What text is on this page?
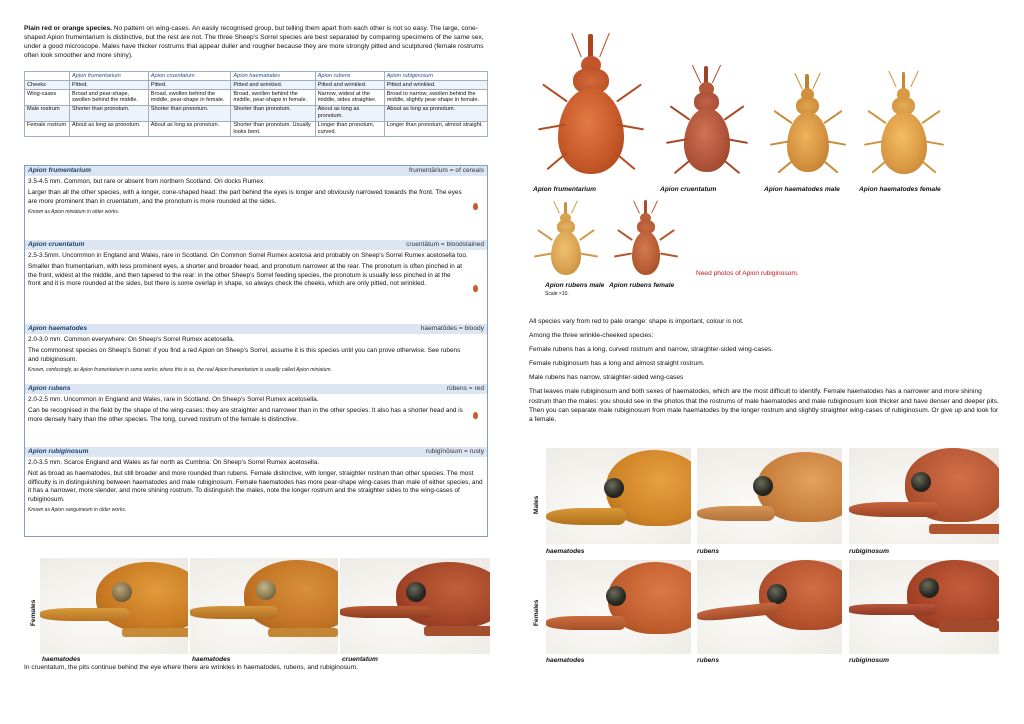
Plain red or orange species. No pattern on wing-cases. An easily recognised group, but telling them apart from each other is not so easy. The large, cone-shaped Apion frumentarium is distinctive, but the rest are not. The three Sheep's Sorrel species are best separated by comparing specimens of the same sex, under a good microscope. Males have thicker rostrums that appear duller and rougher because they are more strongly pitted and sculptured (female rostrums often look smoother and more shiny).
	Apion frumentarium	Apion cruentatum	Apion haematodes	Apion rubens	Apion rubiginosum
Cheeks	Pitted.	Pitted.	Pitted and wrinkled.	Pitted and wrinkled.	Pitted and wrinkled.
Wing-cases	Broad and pear-shape, swollen behind the middle.	Broad, swollen behind the middle, pear-shape in female.	Broad, swollen behind the middle, pear-shape in female.	Narrow, widest at the middle, sides straighter.	Broad to narrow, swollen behind the middle, slightly pear-shape in female.
Male rostrum	Shorter than pronotum.	Shorter than pronotum.	Shorter than pronotum.	About as long as pronotum.	About as long as pronotum.
Female rostrum	About as long as pronotum.	About as long as pronotum.	Shorter than pronotum. Usually looks bent.	Longer than pronotum, curved.	Longer than pronotum, almost straight.
Apion frumentarium	frumentārium = of cereals

3.5-4.5 mm. Common, but rare or absent from northern Scotland. On docks Rumex.

Larger than all the other species, with a longer, cone-shaped head: the part behind the eyes is longer and obviously narrowed towards the front. The eyes are more prominent than in cruentatum, and the pronotum is more rounded at the sides.

Known as Apion miniatum in older works.

Apion cruentatum	cruentātum = bloodstained

2.5-3.5mm. Uncommon in England and Wales, rare in Scotland. On Common Sorrel Rumex acetosa and probably on Sheep's Sorrel Rumex acetosella too.

Smaller than frumentarium, with less prominent eyes, a shorter and broader head, and pronotum narrower at the rear. The pronotum is often pinched in at the front, widest at the middle, and then tapered to the rear: in the other Sheep's Sorrel feeding species, the pronotum is usually less pinched in at the front and it is more rounded at the sides, but there is some overlap in shape, so always check the cheeks, which are only pitted, not wrinkled.

Apion haematodes	haematōdes = bloody

2.0-3.0 mm. Common everywhere. On Sheep's Sorrel Rumex acetosella.

The commonest species on Sheep's Sorrel: if you find a red Apion on Sheep's Sorrel, assume it is this species until you can prove otherwise. See rubens and rubiginosum.

Known, confusingly, as Apion frumentarium in some works; where this is so, the real Apion frumentarium is usually called Apion miniatum.

Apion rubens	rūbens = red

2.0-2.5 mm. Uncommon in England and Wales, rare in Scotland. On Sheep's Sorrel Rumex acetosella.

Can be recognised in the field by the shape of the wing-cases: they are straighter and narrower than in the other species. It also has a shorter head and is more densely hairy than the other species. The long, curved rostrum of the female is distinctive.

Apion rubiginosum	rubigīnōsum = rusty

2.0-3.5 mm. Scarce England and Wales as far north as Cumbria. On Sheep's Sorrel Rumex acetosella.

Not as broad as haematodes, but still broader and more rounded than rubens. Female distinctive, with longer, straighter rostrum than other species. The most difficulty is in distinguishing between haematodes and male rubiginosum. Female haematodes has more pear-shape wing-cases than male of either species, and it has a narrower, more slender, and more shining rostrum. To distinguish the males, note the longer rostrum and the straighter sides to the wing-cases of rubiginosum.

Known as Apion sanguineum in older works.

Females
haematodes	haematodes	cruentatum
In cruentatum, the pits continue behind the eye where there are wrinkles in haematodes, rubens, and rubiginosum.
Apion frumentarium	Apion cruentatum	Apion haematodes male	Apion haematodes female
Apion rubens male Apion rubens female
Scale ×10.
Need photos of Apion rubiginosum.

All species vary from red to pale orange: shape is important, colour is not.

Among the three wrinkle-cheeked species:

Female rubens has a long, curved rostrum and narrow, straighter-sided wing-cases.

Female rubiginosum has a long and almost straight rostrum.

Male rubens has narrow, straighter-sided wing-cases

That leaves male rubiginosum and both sexes of haematodes, which are the most difficult to identify. Female haematodes has a narrower and more shining rostrum than the males: you should see in the photos that the rostrums of male haematodes and male rubiginosum look thicker and have denser and deeper pits. Then you can separate male rubiginosum from male haematodes by the longer rostrum and slightly straighter wing-cases of rubiginosum. Or give up and look for a female.

Males
haematodes	rubens	rubiginosum
Females
haematodes	rubens	rubiginosum
